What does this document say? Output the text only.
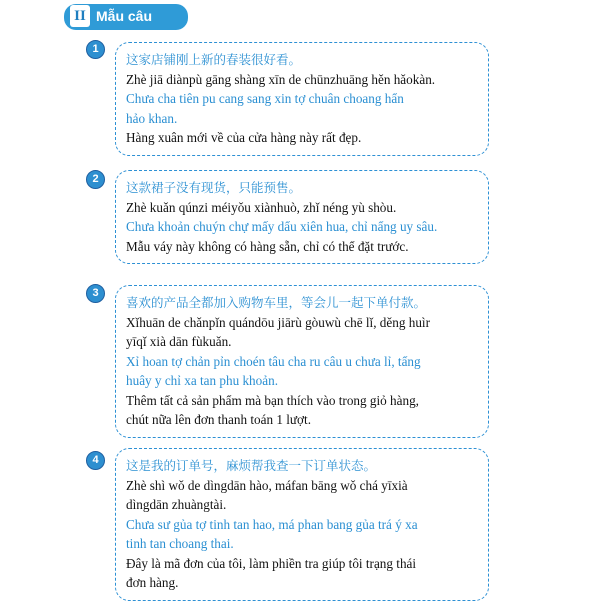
II Mẫu câu
1
这家店铺刚上新的春装很好看。
Zhè jiā diànpù gāng shàng xīn de chūnzhuāng hěn hǎokàn.
Chưa cha tiên pu cang sang xin tợ chuân choang hẩn
hảo khan.
Hàng xuân mới về của cửa hàng này rất đẹp.
2
这款裙子没有现货，只能预售。
Zhè kuǎn qúnzi méiyǒu xiànhuò, zhǐ néng yù shòu.
Chưa khoản chuýn chự mấy dẩu xiên hua, chỉ nẩng uy sâu.
Mẫu váy này không có hàng sẵn, chỉ có thể đặt trước.
3
喜欢的产品全都加入购物车里，等会儿一起下单付款。
Xǐhuān de chǎnpǐn quándōu jiārù gòuwù chē lǐ, děng huìr
yīqǐ xià dān fùkuǎn.
Xỉ hoan tợ chản pỉn choén tâu cha ru câu u chưa lỉ, tẩng
huây y chỉ xa tan phu khoản.
Thêm tất cả sản phẩm mà bạn thích vào trong giỏ hàng,
chút nữa lên đơn thanh toán 1 lượt.
4	这是我的订单号，麻烦帮我查一下订单状态。
Zhè shì wǒ de dìngdān hào, máfan bāng wǒ chá yīxià
dìngdān zhuàngtài.
Chưa sư gủa tợ tinh tan hao, má phan bang gủa trá ý xa
tinh tan choang thai.
Đây là mã đơn của tôi, làm phiền tra giúp tôi trạng thái
đơn hàng.
